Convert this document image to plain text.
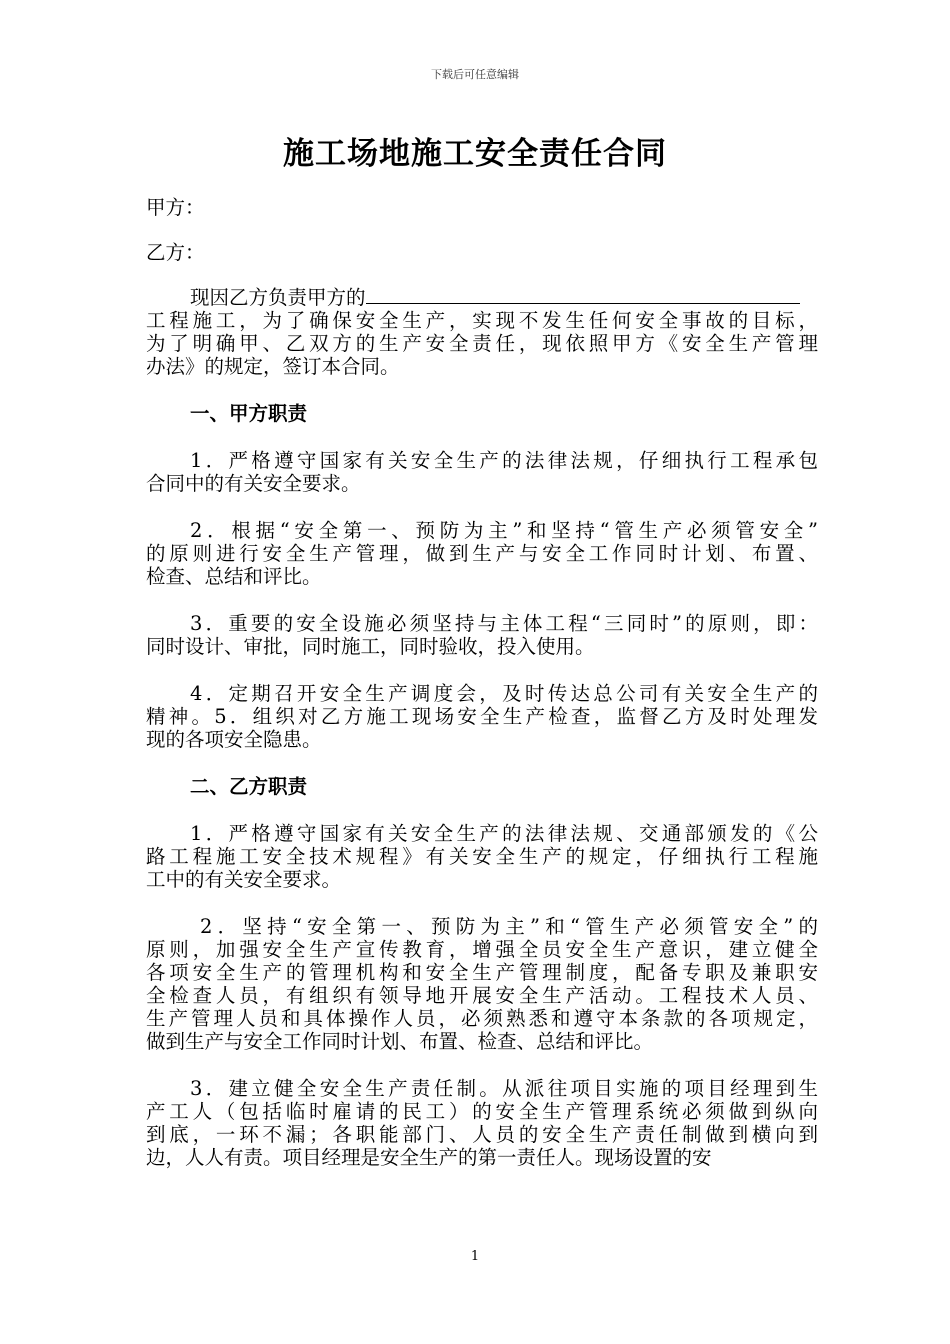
下载后可任意编辑
施工场地施工安全责任合同
甲方：
乙方：
现因乙方负责甲方的
工程施工，为了确保安全生产，实现不发生任何安全事故的目标，
为了明确甲、乙双方的生产安全责任，现依照甲方《安全生产管理
办法》的规定，签订本合同。
一、甲方职责
1．严格遵守国家有关安全生产的法律法规，仔细执行工程承包
合同中的有关安全要求。
2．根据“安全第一、预防为主”和坚持“管生产必须管安全”
的原则进行安全生产管理，做到生产与安全工作同时计划、布置、
检查、总结和评比。
3．重要的安全设施必须坚持与主体工程“三同时”的原则，即：
同时设计、审批，同时施工，同时验收，投入使用。
4．定期召开安全生产调度会，及时传达总公司有关安全生产的
精神。5．组织对乙方施工现场安全生产检查，监督乙方及时处理发
现的各项安全隐患。
二、乙方职责
1．严格遵守国家有关安全生产的法律法规、交通部颁发的《公
路工程施工安全技术规程》有关安全生产的规定，仔细执行工程施
工中的有关安全要求。
2．坚持“安全第一、预防为主”和“管生产必须管安全”的
原则，加强安全生产宣传教育，增强全员安全生产意识，建立健全
各项安全生产的管理机构和安全生产管理制度，配备专职及兼职安
全检查人员，有组织有领导地开展安全生产活动。工程技术人员、
生产管理人员和具体操作人员，必须熟悉和遵守本条款的各项规定，
做到生产与安全工作同时计划、布置、检查、总结和评比。
3．建立健全安全生产责任制。从派往项目实施的项目经理到生
产工人（包括临时雇请的民工）的安全生产管理系统必须做到纵向
到底，一环不漏；各职能部门、人员的安全生产责任制做到横向到
边，人人有责。项目经理是安全生产的第一责任人。现场设置的安
1
